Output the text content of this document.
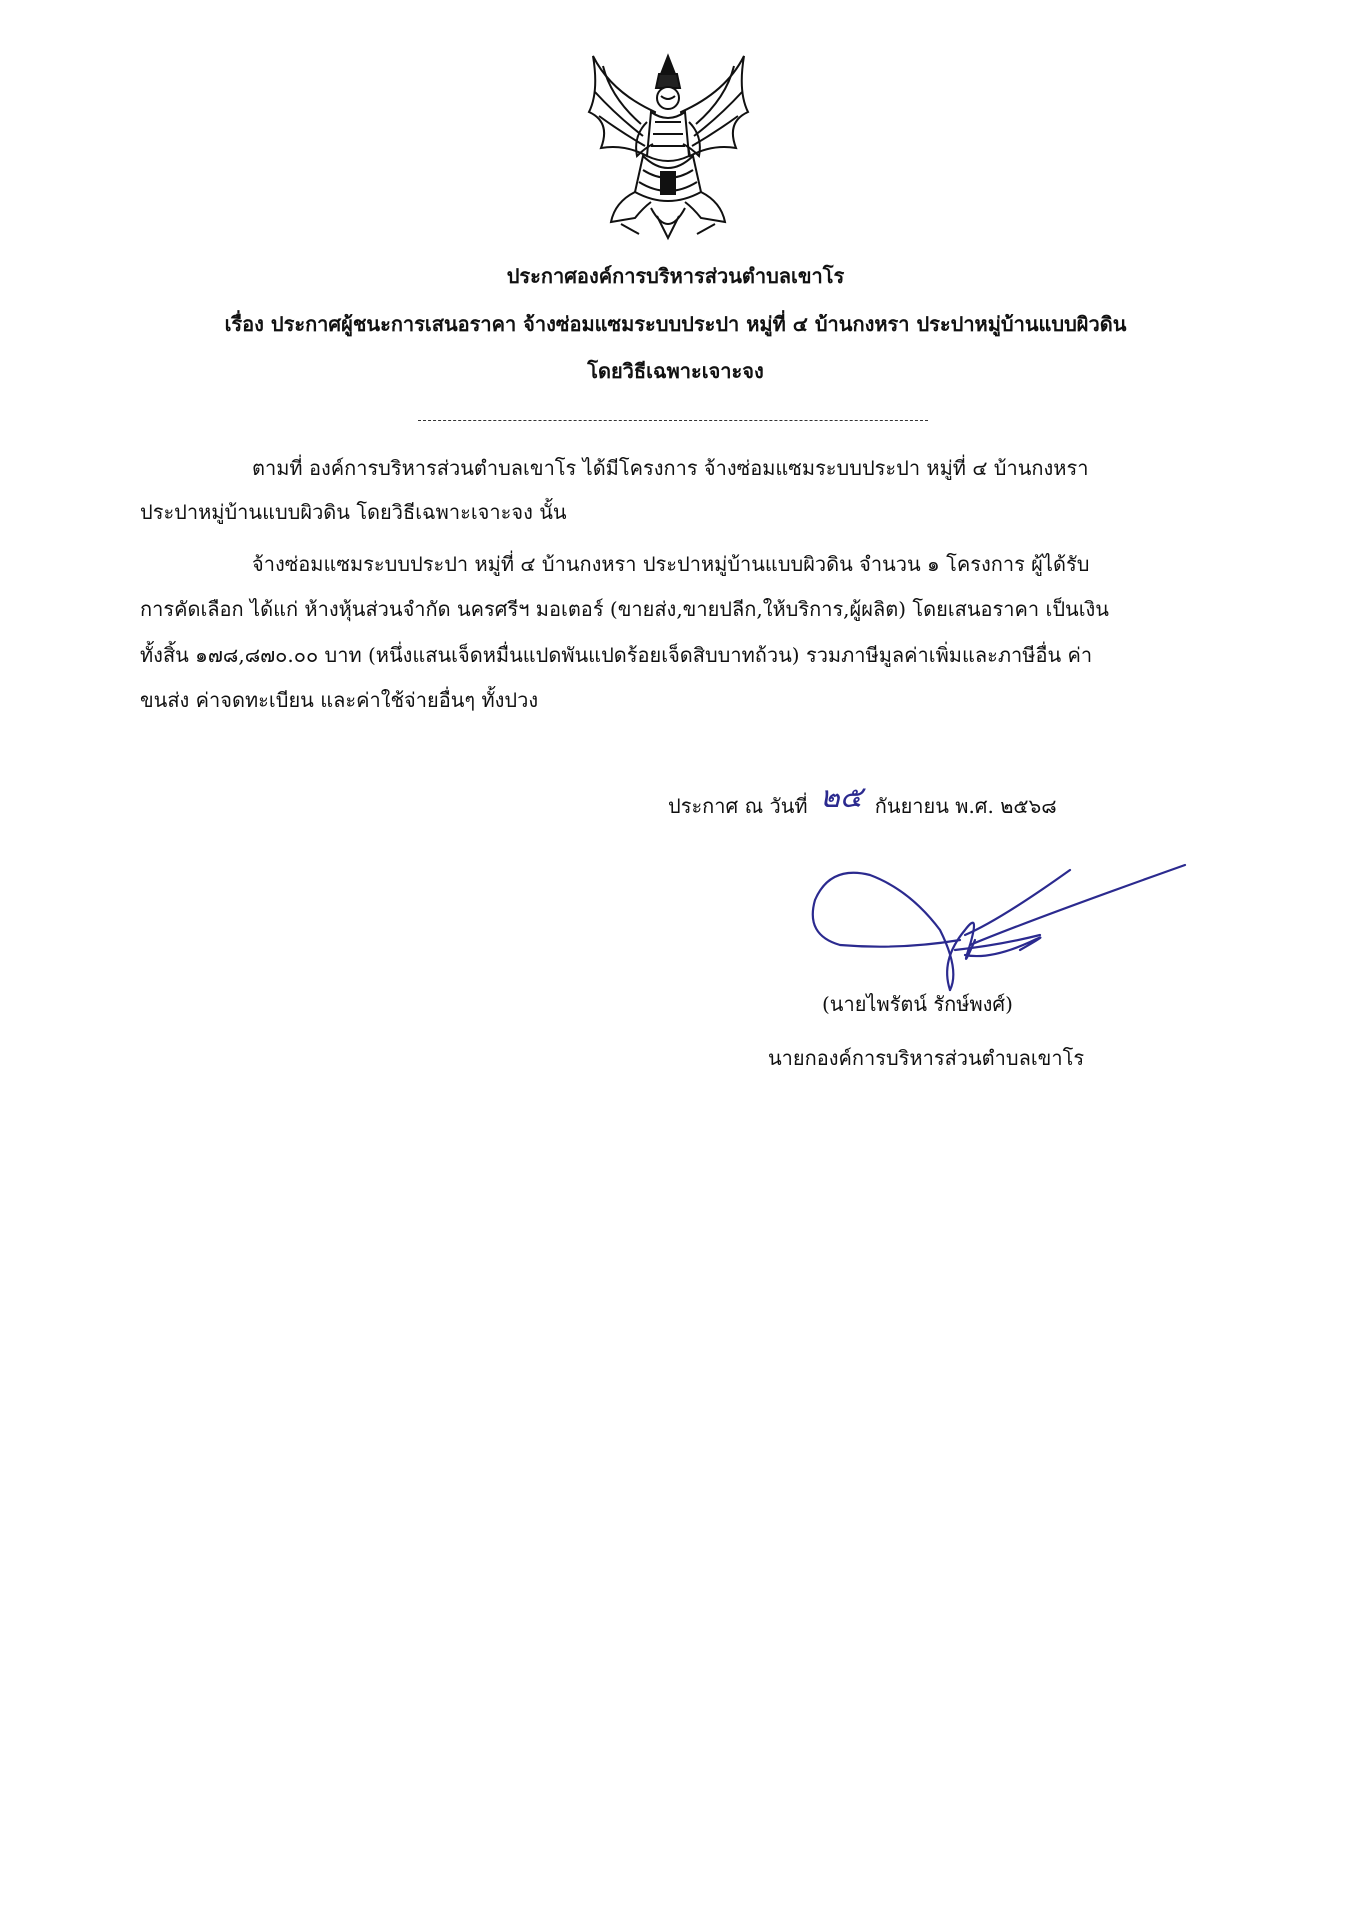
ประกาศองค์การบริหารส่วนตำบลเขาโร
เรื่อง ประกาศผู้ชนะการเสนอราคา จ้างซ่อมแซมระบบประปา หมู่ที่ ๔ บ้านกงหรา ประปาหมู่บ้านแบบผิวดิน
โดยวิธีเฉพาะเจาะจง
ตามที่ องค์การบริหารส่วนตำบลเขาโร ได้มีโครงการ จ้างซ่อมแซมระบบประปา หมู่ที่ ๔ บ้านกงหรา
ประปาหมู่บ้านแบบผิวดิน โดยวิธีเฉพาะเจาะจง นั้น
จ้างซ่อมแซมระบบประปา หมู่ที่ ๔ บ้านกงหรา ประปาหมู่บ้านแบบผิวดิน จำนวน ๑ โครงการ ผู้ได้รับ
การคัดเลือก ได้แก่ ห้างหุ้นส่วนจำกัด นครศรีฯ มอเตอร์ (ขายส่ง,ขายปลีก,ให้บริการ,ผู้ผลิต) โดยเสนอราคา เป็นเงิน
ทั้งสิ้น ๑๗๘,๘๗๐.๐๐ บาท (หนึ่งแสนเจ็ดหมื่นแปดพันแปดร้อยเจ็ดสิบบาทถ้วน) รวมภาษีมูลค่าเพิ่มและภาษีอื่น ค่า
ขนส่ง ค่าจดทะเบียน และค่าใช้จ่ายอื่นๆ ทั้งปวง
ประกาศ ณ วันที่ ๒๕ กันยายน พ.ศ. ๒๕๖๘
(นายไพรัตน์ รักษ์พงศ์)
นายกองค์การบริหารส่วนตำบลเขาโร
